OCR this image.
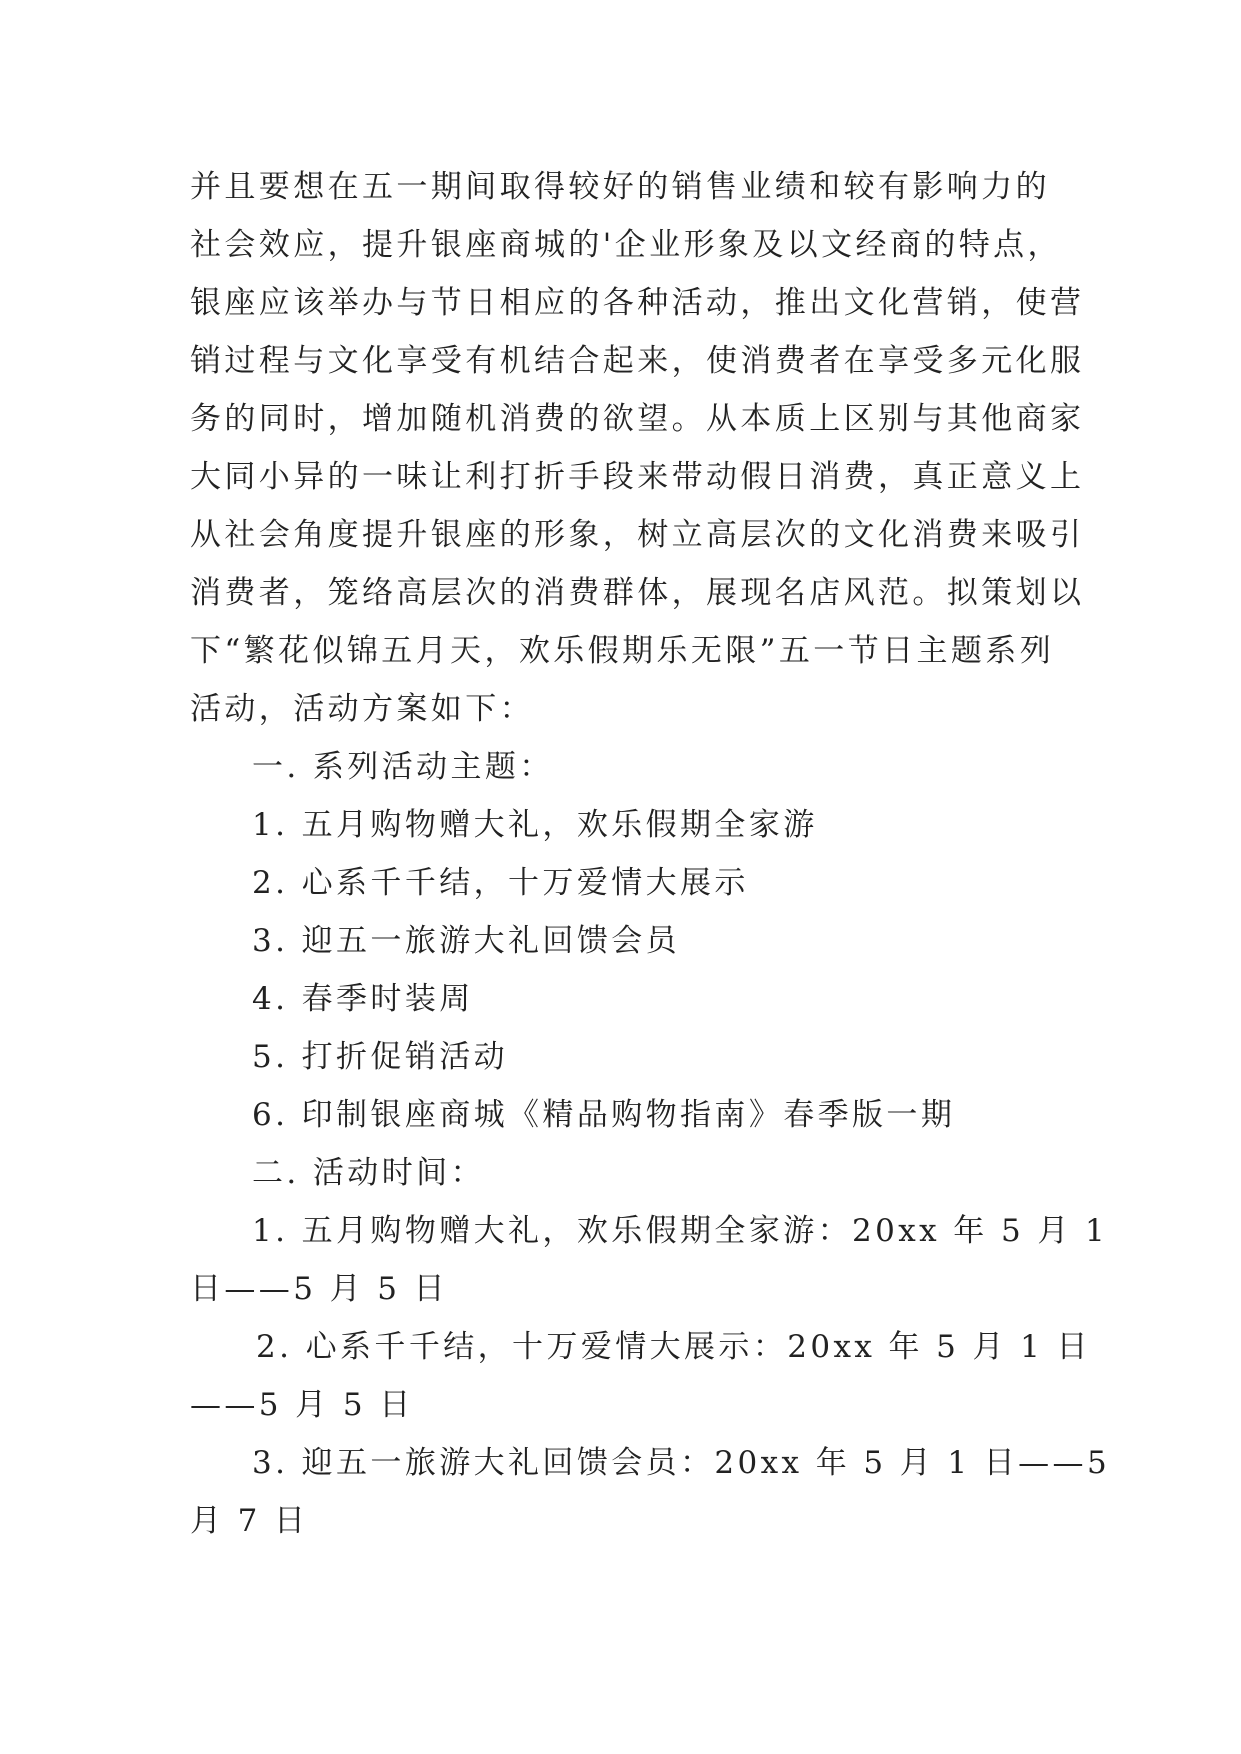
并且要想在五一期间取得较好的销售业绩和较有影响力的
社会效应，提升银座商城的'企业形象及以文经商的特点，
银座应该举办与节日相应的各种活动，推出文化营销，使营
销过程与文化享受有机结合起来，使消费者在享受多元化服
务的同时，增加随机消费的欲望。从本质上区别与其他商家
大同小异的一味让利打折手段来带动假日消费，真正意义上
从社会角度提升银座的形象，树立高层次的文化消费来吸引
消费者，笼络高层次的消费群体，展现名店风范。拟策划以
下“繁花似锦五月天，欢乐假期乐无限”五一节日主题系列
活动，活动方案如下：
一. 系列活动主题：
1. 五月购物赠大礼，欢乐假期全家游
2. 心系千千结，十万爱情大展示
3. 迎五一旅游大礼回馈会员
4. 春季时装周
5. 打折促销活动
6. 印制银座商城《精品购物指南》春季版一期
二. 活动时间：
1. 五月购物赠大礼，欢乐假期全家游：20xx 年 5 月 1
日——5 月 5 日
2. 心系千千结，十万爱情大展示：20xx 年 5 月 1 日
——5 月 5 日
3. 迎五一旅游大礼回馈会员：20xx 年 5 月 1 日——5
月 7 日
